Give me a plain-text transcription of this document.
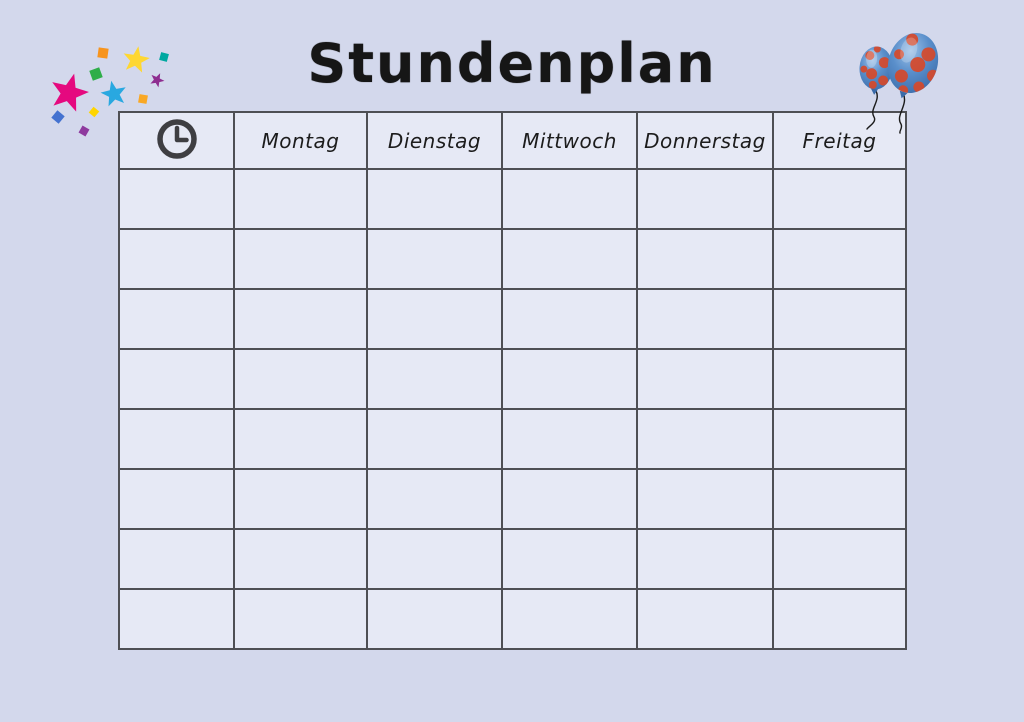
Stundenplan
	Montag	Dienstag	Mittwoch	Donnerstag	Freitag
